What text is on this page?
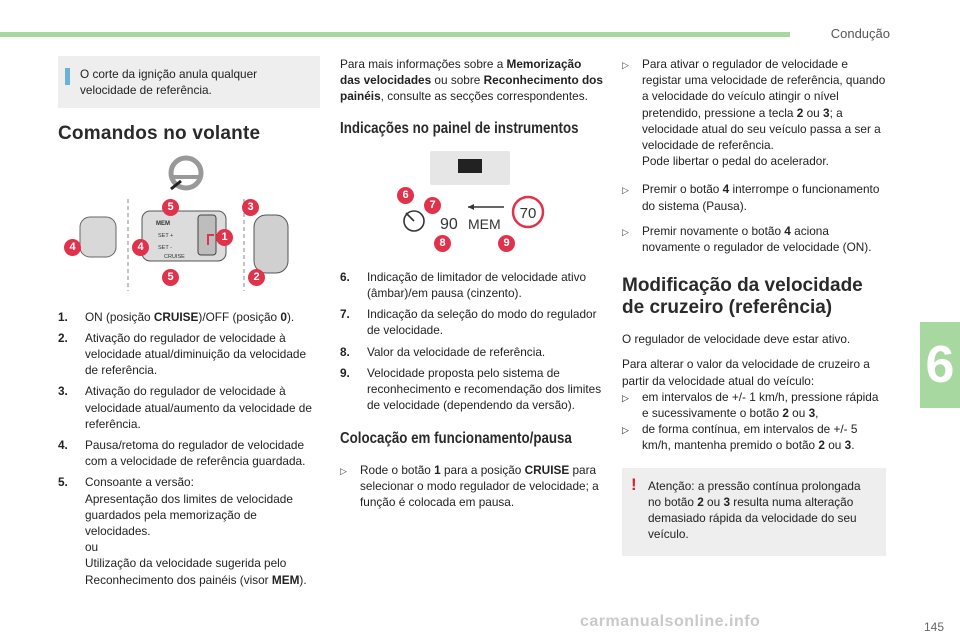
Condução
6
145
carmanualsonline.info
O corte da ignição anula qualquer velocidade de referência.
Comandos no volante
MEM
SET +
SET -
CRUISE
5	3
4	4
1
5	2
1.	ON (posição CRUISE)/OFF (posição 0).
2.	Ativação do regulador de velocidade à velocidade atual/diminuição da velocidade de referência.
3.	Ativação do regulador de velocidade à velocidade atual/aumento da velocidade de referência.
4.	Pausa/retoma do regulador de velocidade com a velocidade de referência guardada.
5.	Consoante a versão:
Apresentação dos limites de velocidade guardados pela memorização de velocidades.
ou
Utilização da velocidade sugerida pelo Reconhecimento dos painéis (visor MEM).

Para mais informações sobre a Memorização das velocidades ou sobre Reconhecimento dos painéis, consulte as secções correspondentes.

Indicações no painel de instrumentos
90 MEM
70
6
7
8	9
6.	Indicação de limitador de velocidade ativo (âmbar)/em pausa (cinzento).
7.	Indicação da seleção do modo do regulador de velocidade.
8.	Valor da velocidade de referência.
9.	Velocidade proposta pelo sistema de reconhecimento e recomendação dos limites de velocidade (dependendo da versão).
Colocação em funcionamento/pausa
▷	Rode o botão 1 para a posição CRUISE para selecionar o modo regulador de velocidade; a função é colocada em pausa.
▷	Para ativar o regulador de velocidade e registar uma velocidade de referência, quando a velocidade do veículo atingir o nível pretendido, pressione a tecla 2 ou 3; a velocidade atual do seu veículo passa a ser a velocidade de referência.
Pode libertar o pedal do acelerador.
▷	Premir o botão 4 interrompe o funcionamento do sistema (Pausa).
▷	Premir novamente o botão 4 aciona novamente o regulador de velocidade (ON).
Modificação da velocidade de cruzeiro (referência)

O regulador de velocidade deve estar ativo.

Para alterar o valor da velocidade de cruzeiro a partir da velocidade atual do veículo:

▷	em intervalos de +/- 1 km/h, pressione rápida e sucessivamente o botão 2 ou 3,
▷	de forma contínua, em intervalos de +/- 5 km/h, mantenha premido o botão 2 ou 3.
! Atenção: a pressão contínua prolongada no botão 2 ou 3 resulta numa alteração demasiado rápida da velocidade do seu veículo.
